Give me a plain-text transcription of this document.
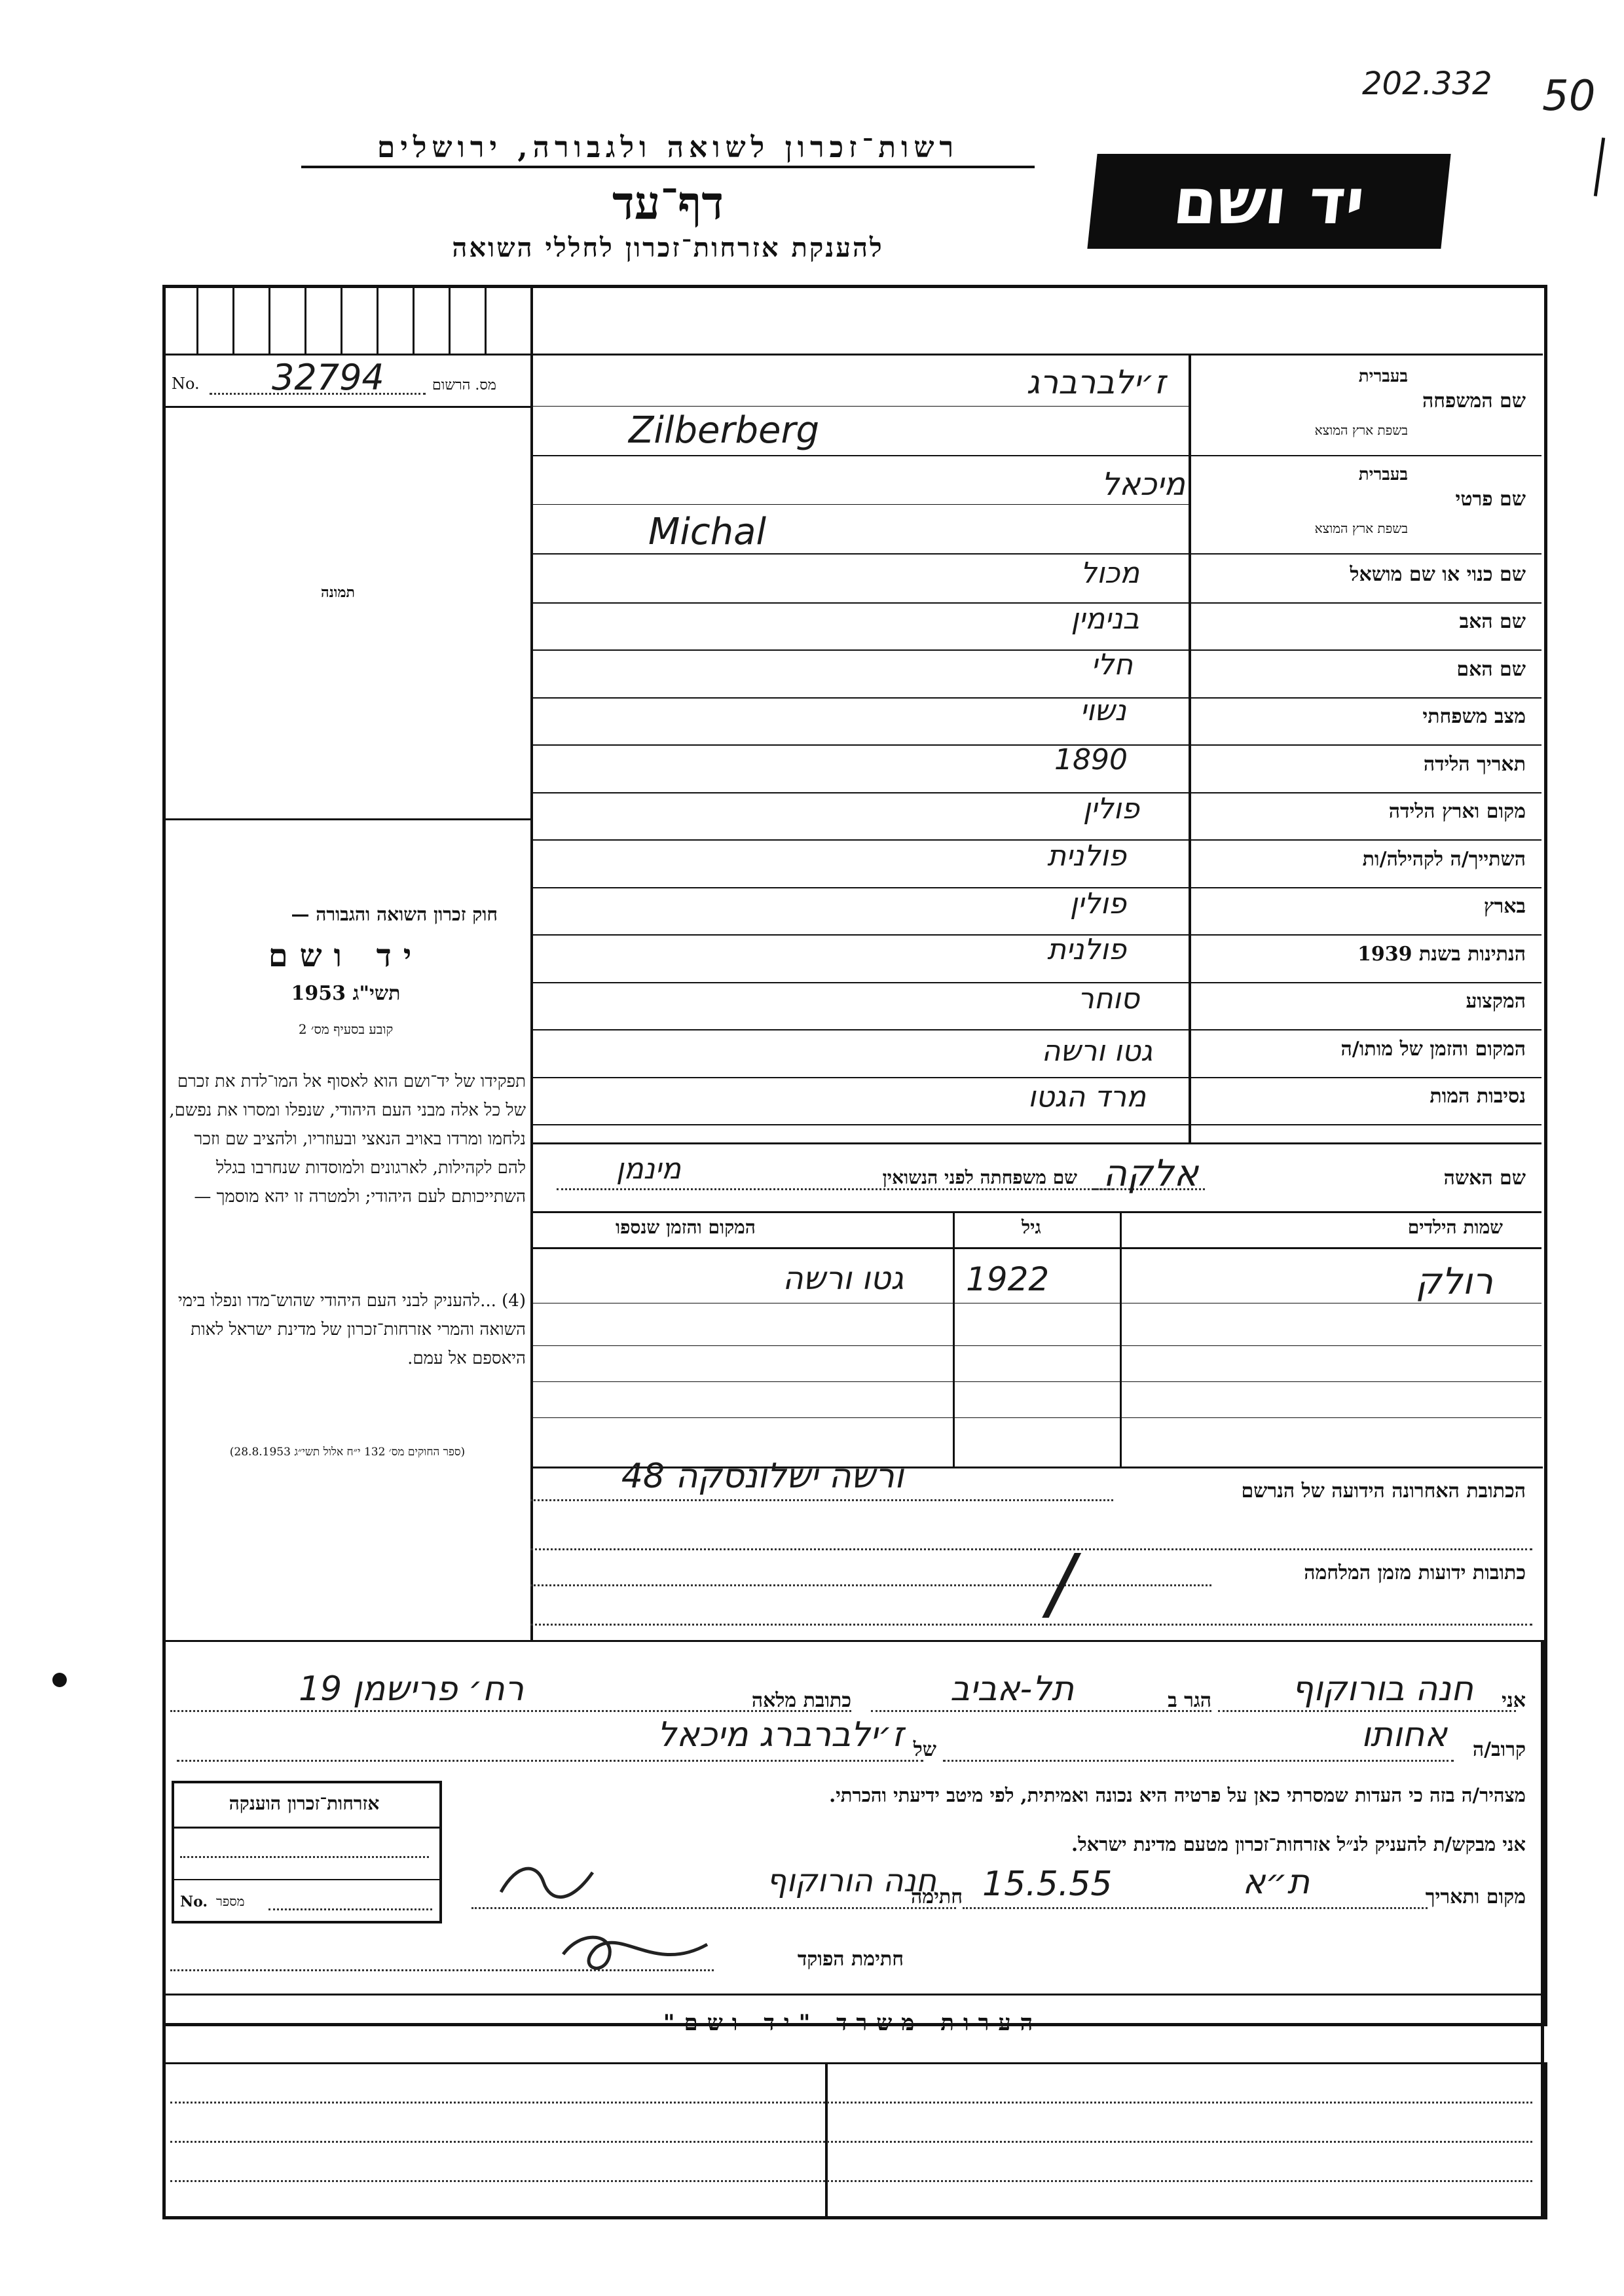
202.332 50
רשות־זכרון לשואה ולגבורה, ירושלים
דף־עד
להענקת אזרחות־זכרון לחללי השואה
יד ושם
No. 32794	מס. הרשום
תמונה
חוק זכרון השואה והגבורה —
יד ושם
תשי"ג 1953
קובע בסעיף מס׳ 2
תפקידו של יד־ושם הוא לאסוף אל המו־לדת את זכרם של כל אלה מבני העם היהודי, שנפלו ומסרו את נפשם, נלחמו ומרדו באויב הנאצי ובעוזריו, ולהציב שם וזכר להם לקהילות, לארגונים ולמוסדות שנחרבו בגלל השתייכותם לעם היהודי; ולמטרה זו יהא מוסמך —
(4) ...להעניק לבני העם היהודי שהוש־מדו ונפלו בימי השואה והמרי אזרחות־זכרון של מדינת ישראל לאות היאספם אל עמם.
(ספר החוקים מס׳ 132 י״ח אלול תשי״ג 28.8.1953)
שם המשפחה
בעברית
בשפת ארץ המוצא
ז׳ילברברג
Zilberberg
שם פרטי
בעברית
בשפת ארץ המוצא
מיכאל
Michal
שם כנוי או שם מושאל
מכול
שם האב
בנימין
שם האם
חלי
מצב משפחתי
נשוי
תאריך הלידה
1890
מקום וארץ הלידה
פולין
השתייך/ה לקהילה/ות
פולנית
בארץ
פולין
הנתינות בשנת 1939
פולנית
המקצוע
סוחר
המקום והזמן של מותו/ה
גטו ורשה
נסיבות המות
מרד הגטו
שם האשה
אלקה
שם משפחתה לפני הנשואין
מינמן
שמות הילדים
גיל
המקום והזמן שנספו
רולק
1922
גטו ורשה
הכתובת האחרונה הידועה של הנרשם
ורשה ישלונסקה 48
כתובות ידועות מזמן המלחמה
/
אני
חנה בורוקוף
הגר ב
תל-אביב
כתובת מלאה
רח׳ פרישמן 19
קרוב/ה
אחותו
של
ז׳ילברברג מיכאל
מצהיר/ה בזה כי העדות שמסרתי כאן על פרטיה היא נכונה ואמיתית, לפי מיטב ידיעתי והכרתי.
אני מבקש/ת להעניק לנ״ל אזרחות־זכרון מטעם מדינת ישראל.
מקום ותאריך
ת״א
15.5.55
חתימה
חנה הורוקוף
חתימת הפוקד
אזרחות־זכרון הוענקה
No. מספר
הערות משרד "יד ושם"
